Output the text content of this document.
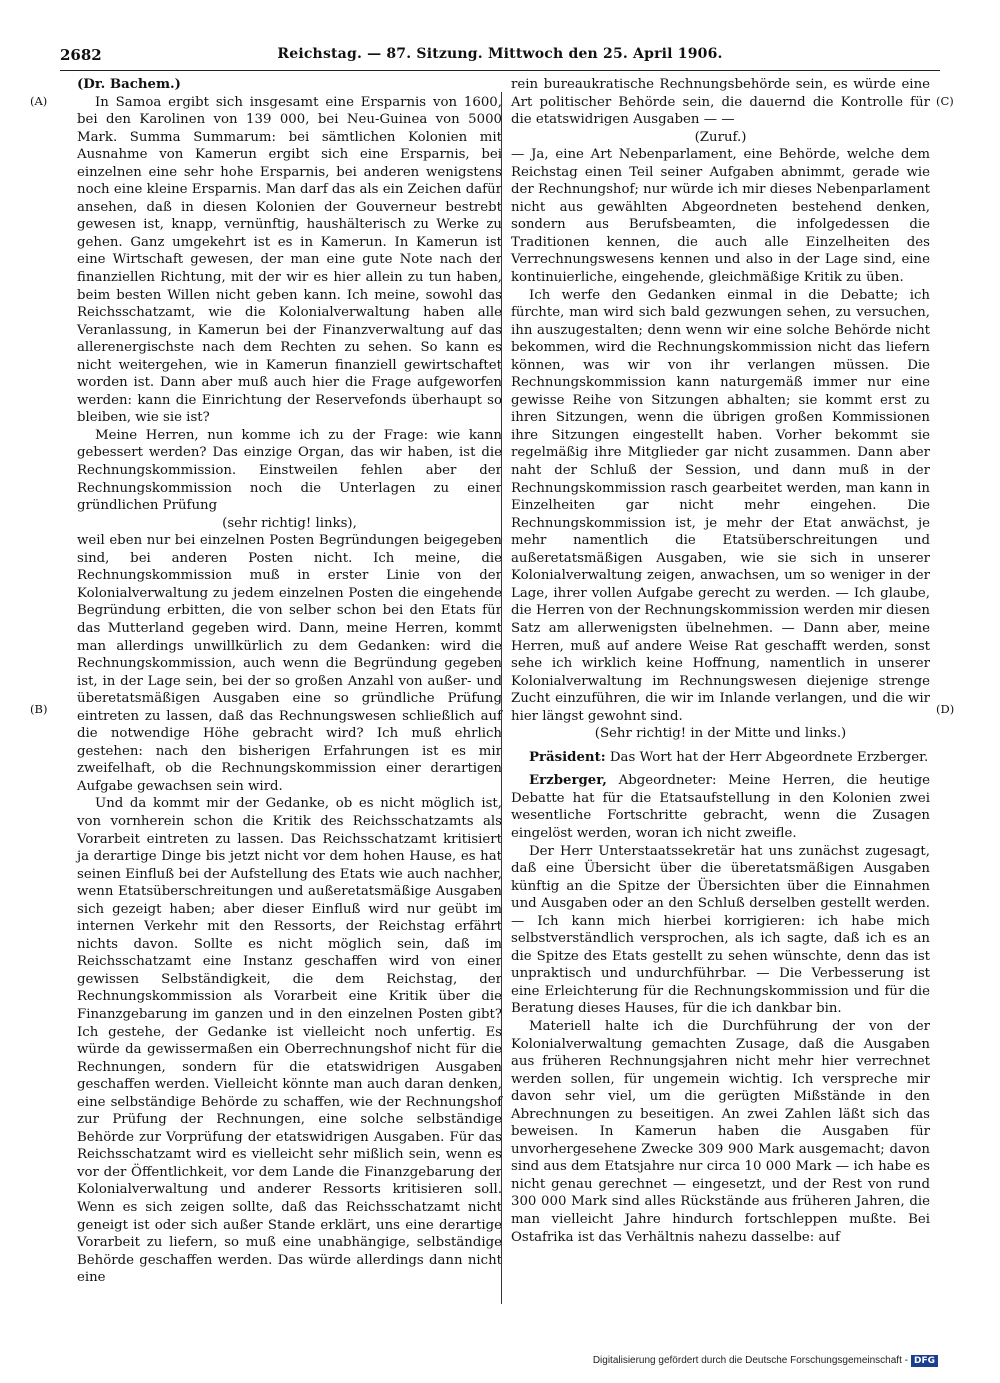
2682	Reichstag. — 87. Sitzung. Mittwoch den 25. April 1906.
(A)
(B)
(C)
(D)

(Dr. Bachem.)

In Samoa ergibt sich insgesamt eine Ersparnis von 1600, bei den Karolinen von 139 000, bei Neu-Guinea von 5000 Mark. Summa Summarum: bei sämtlichen Kolonien mit Ausnahme von Kamerun ergibt sich eine Ersparnis, bei einzelnen eine sehr hohe Ersparnis, bei anderen wenigstens noch eine kleine Ersparnis. Man darf das als ein Zeichen dafür ansehen, daß in diesen Kolonien der Gouverneur bestrebt gewesen ist, knapp, vernünftig, haushälterisch zu Werke zu gehen. Ganz umgekehrt ist es in Kamerun. In Kamerun ist eine Wirtschaft gewesen, der man eine gute Note nach der finanziellen Richtung, mit der wir es hier allein zu tun haben, beim besten Willen nicht geben kann. Ich meine, sowohl das Reichsschatzamt, wie die Kolonialverwaltung haben alle Veranlassung, in Kamerun bei der Finanzverwaltung auf das allerenergischste nach dem Rechten zu sehen. So kann es nicht weitergehen, wie in Kamerun finanziell gewirtschaftet worden ist. Dann aber muß auch hier die Frage aufgeworfen werden: kann die Einrichtung der Reservefonds überhaupt so bleiben, wie sie ist?

Meine Herren, nun komme ich zu der Frage: wie kann gebessert werden? Das einzige Organ, das wir haben, ist die Rechnungskommission. Einstweilen fehlen aber der Rechnungskommission noch die Unterlagen zu einer gründlichen Prüfung

(sehr richtig! links),

weil eben nur bei einzelnen Posten Begründungen beigegeben sind, bei anderen Posten nicht. Ich meine, die Rechnungskommission muß in erster Linie von der Kolonialverwaltung zu jedem einzelnen Posten die eingehende Begründung erbitten, die von selber schon bei den Etats für das Mutterland gegeben wird. Dann, meine Herren, kommt man allerdings unwillkürlich zu dem Gedanken: wird die Rechnungskommission, auch wenn die Begründung gegeben ist, in der Lage sein, bei der so großen Anzahl von außer- und überetatsmäßigen Ausgaben eine so gründliche Prüfung eintreten zu lassen, daß das Rechnungswesen schließlich auf die notwendige Höhe gebracht wird? Ich muß ehrlich gestehen: nach den bisherigen Erfahrungen ist es mir zweifelhaft, ob die Rechnungskommission einer derartigen Aufgabe gewachsen sein wird.

Und da kommt mir der Gedanke, ob es nicht möglich ist, von vornherein schon die Kritik des Reichsschatzamts als Vorarbeit eintreten zu lassen. Das Reichsschatzamt kritisiert ja derartige Dinge bis jetzt nicht vor dem hohen Hause, es hat seinen Einfluß bei der Aufstellung des Etats wie auch nachher, wenn Etatsüberschreitungen und außeretatsmäßige Ausgaben sich gezeigt haben; aber dieser Einfluß wird nur geübt im internen Verkehr mit den Ressorts, der Reichstag erfährt nichts davon. Sollte es nicht möglich sein, daß im Reichsschatzamt eine Instanz geschaffen wird von einer gewissen Selbständigkeit, die dem Reichstag, der Rechnungskommission als Vorarbeit eine Kritik über die Finanzgebarung im ganzen und in den einzelnen Posten gibt? Ich gestehe, der Gedanke ist vielleicht noch unfertig. Es würde da gewissermaßen ein Oberrechnungshof nicht für die Rechnungen, sondern für die etatswidrigen Ausgaben geschaffen werden. Vielleicht könnte man auch daran denken, eine selbständige Behörde zu schaffen, wie der Rechnungshof zur Prüfung der Rechnungen, eine solche selbständige Behörde zur Vorprüfung der etatswidrigen Ausgaben. Für das Reichsschatzamt wird es vielleicht sehr mißlich sein, wenn es vor der Öffentlichkeit, vor dem Lande die Finanzgebarung der Kolonialverwaltung und anderer Ressorts kritisieren soll. Wenn es sich zeigen sollte, daß das Reichsschatzamt nicht geneigt ist oder sich außer Stande erklärt, uns eine derartige Vorarbeit zu liefern, so muß eine unabhängige, selbständige Behörde geschaffen werden. Das würde allerdings dann nicht eine

rein bureaukratische Rechnungsbehörde sein, es würde eine Art politischer Behörde sein, die dauernd die Kontrolle für die etatswidrigen Ausgaben — —

(Zuruf.)

— Ja, eine Art Nebenparlament, eine Behörde, welche dem Reichstag einen Teil seiner Aufgaben abnimmt, gerade wie der Rechnungshof; nur würde ich mir dieses Nebenparlament nicht aus gewählten Abgeordneten bestehend denken, sondern aus Berufsbeamten, die infolgedessen die Traditionen kennen, die auch alle Einzelheiten des Verrechnungswesens kennen und also in der Lage sind, eine kontinuierliche, eingehende, gleichmäßige Kritik zu üben.

Ich werfe den Gedanken einmal in die Debatte; ich fürchte, man wird sich bald gezwungen sehen, zu versuchen, ihn auszugestalten; denn wenn wir eine solche Behörde nicht bekommen, wird die Rechnungskommission nicht das liefern können, was wir von ihr verlangen müssen. Die Rechnungskommission kann naturgemäß immer nur eine gewisse Reihe von Sitzungen abhalten; sie kommt erst zu ihren Sitzungen, wenn die übrigen großen Kommissionen ihre Sitzungen eingestellt haben. Vorher bekommt sie regelmäßig ihre Mitglieder gar nicht zusammen. Dann aber naht der Schluß der Session, und dann muß in der Rechnungskommission rasch gearbeitet werden, man kann in Einzelheiten gar nicht mehr eingehen. Die Rechnungskommission ist, je mehr der Etat anwächst, je mehr namentlich die Etatsüberschreitungen und außeretatsmäßigen Ausgaben, wie sie sich in unserer Kolonialverwaltung zeigen, anwachsen, um so weniger in der Lage, ihrer vollen Aufgabe gerecht zu werden. — Ich glaube, die Herren von der Rechnungskommission werden mir diesen Satz am allerwenigsten übelnehmen. — Dann aber, meine Herren, muß auf andere Weise Rat geschafft werden, sonst sehe ich wirklich keine Hoffnung, namentlich in unserer Kolonialverwaltung im Rechnungswesen diejenige strenge Zucht einzuführen, die wir im Inlande verlangen, und die wir hier längst gewohnt sind.

(Sehr richtig! in der Mitte und links.)

Präsident: Das Wort hat der Herr Abgeordnete Erzberger.

Erzberger, Abgeordneter: Meine Herren, die heutige Debatte hat für die Etatsaufstellung in den Kolonien zwei wesentliche Fortschritte gebracht, wenn die Zusagen eingelöst werden, woran ich nicht zweifle.

Der Herr Unterstaatssekretär hat uns zunächst zugesagt, daß eine Übersicht über die überetatsmäßigen Ausgaben künftig an die Spitze der Übersichten über die Einnahmen und Ausgaben oder an den Schluß derselben gestellt werden. — Ich kann mich hierbei korrigieren: ich habe mich selbstverständlich versprochen, als ich sagte, daß ich es an die Spitze des Etats gestellt zu sehen wünschte, denn das ist unpraktisch und undurchführbar. — Die Verbesserung ist eine Erleichterung für die Rechnungskommission und für die Beratung dieses Hauses, für die ich dankbar bin.

Materiell halte ich die Durchführung der von der Kolonialverwaltung gemachten Zusage, daß die Ausgaben aus früheren Rechnungsjahren nicht mehr hier verrechnet werden sollen, für ungemein wichtig. Ich verspreche mir davon sehr viel, um die gerügten Mißstände in den Abrechnungen zu beseitigen. An zwei Zahlen läßt sich das beweisen. In Kamerun haben die Ausgaben für unvorhergesehene Zwecke 309 900 Mark ausgemacht; davon sind aus dem Etatsjahre nur circa 10 000 Mark — ich habe es nicht genau gerechnet — eingesetzt, und der Rest von rund 300 000 Mark sind alles Rückstände aus früheren Jahren, die man vielleicht Jahre hindurch fortschleppen mußte. Bei Ostafrika ist das Verhältnis nahezu dasselbe: auf

Digitalisierung gefördert durch die Deutsche Forschungsgemeinschaft - DFG
